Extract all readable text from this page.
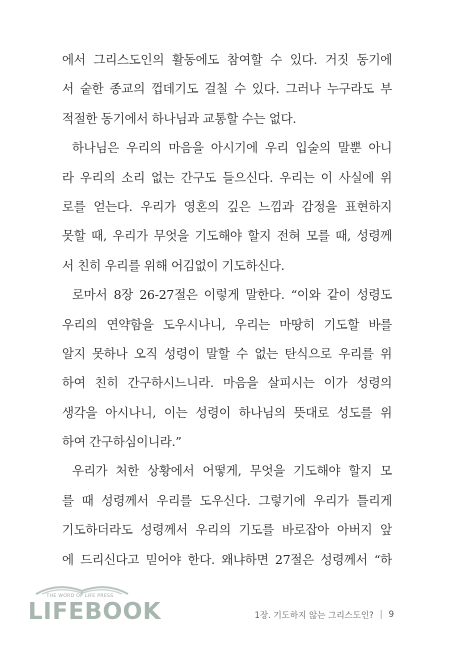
에서 그리스도인의 활동에도 참여할 수 있다. 거짓 동기에
서 숱한 종교의 껍데기도 걸칠 수 있다. 그러나 누구라도 부
적절한 동기에서 하나님과 교통할 수는 없다.
하나님은 우리의 마음을 아시기에 우리 입술의 말뿐 아니
라 우리의 소리 없는 간구도 들으신다. 우리는 이 사실에 위
로를 얻는다. 우리가 영혼의 깊은 느낌과 감정을 표현하지
못할 때, 우리가 무엇을 기도해야 할지 전혀 모를 때, 성령께
서 친히 우리를 위해 어김없이 기도하신다.
로마서 8장 26-27절은 이렇게 말한다. “이와 같이 성령도
우리의 연약함을 도우시나니, 우리는 마땅히 기도할 바를
알지 못하나 오직 성령이 말할 수 없는 탄식으로 우리를 위
하여 친히 간구하시느니라. 마음을 살피시는 이가 성령의
생각을 아시나니, 이는 성령이 하나님의 뜻대로 성도를 위
하여 간구하심이니라.”
우리가 처한 상황에서 어떻게, 무엇을 기도해야 할지 모
를 때 성령께서 우리를 도우신다. 그렇기에 우리가 틀리게
기도하더라도 성령께서 우리의 기도를 바로잡아 아버지 앞
에 드리신다고 믿어야 한다. 왜냐하면 27절은 성령께서 “하
THE WORD OF LIFE PRESS
LIFEBOOK	1장. 기도하지 않는 그리스도인? | 9
